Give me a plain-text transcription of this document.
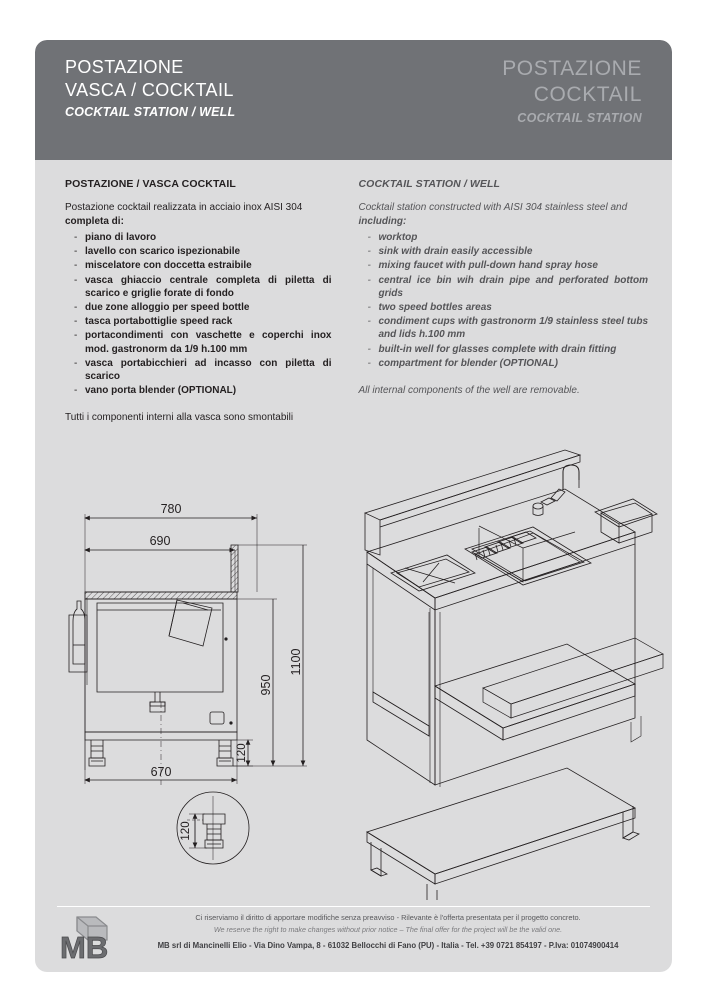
POSTAZIONE
VASCA / COCKTAIL
COCKTAIL STATION / WELL
POSTAZIONE
COCKTAIL
COCKTAIL STATION
POSTAZIONE / VASCA COCKTAIL

Postazione cocktail realizzata in acciaio inox AISI 304
completa di:

- piano di lavoro
- lavello con scarico ispezionabile
- miscelatore con doccetta estraibile
- vasca ghiaccio centrale completa di piletta di scarico e griglie forate di fondo
- due zone alloggio per speed bottle
- tasca portabottiglie speed rack
- portacondimenti con vaschette e coperchi inox mod. gastronorm da 1/9 h.100 mm
- vasca portabicchieri ad incasso con piletta di scarico
- vano porta blender (OPTIONAL)
Tutti i componenti interni alla vasca sono smontabili
COCKTAIL STATION / WELL

Cocktail station constructed with AISI 304 stainless steel and including:

- worktop
- sink with drain easily accessible
- mixing faucet with pull-down hand spray hose
- central ice bin wih drain pipe and perforated bottom grids
- two speed bottles areas
- condiment cups with gastronorm 1/9 stainless steel tubs and lids h.100 mm
- built-in well for glasses complete with drain fitting
- compartment for blender (OPTIONAL)
All internal components of the well are removable.
780
690
670
120
950
1100
120
MB
Ci riserviamo il diritto di apportare modifiche senza preavviso - Rilevante è l'offerta presentata per il progetto concreto.
We reserve the right to make changes without prior notice – The final offer for the project will be the valid one.
MB srl di Mancinelli Elio - Via Dino Vampa, 8 - 61032 Bellocchi di Fano (PU) - Italia - Tel. +39 0721 854197 - P.Iva: 01074900414
